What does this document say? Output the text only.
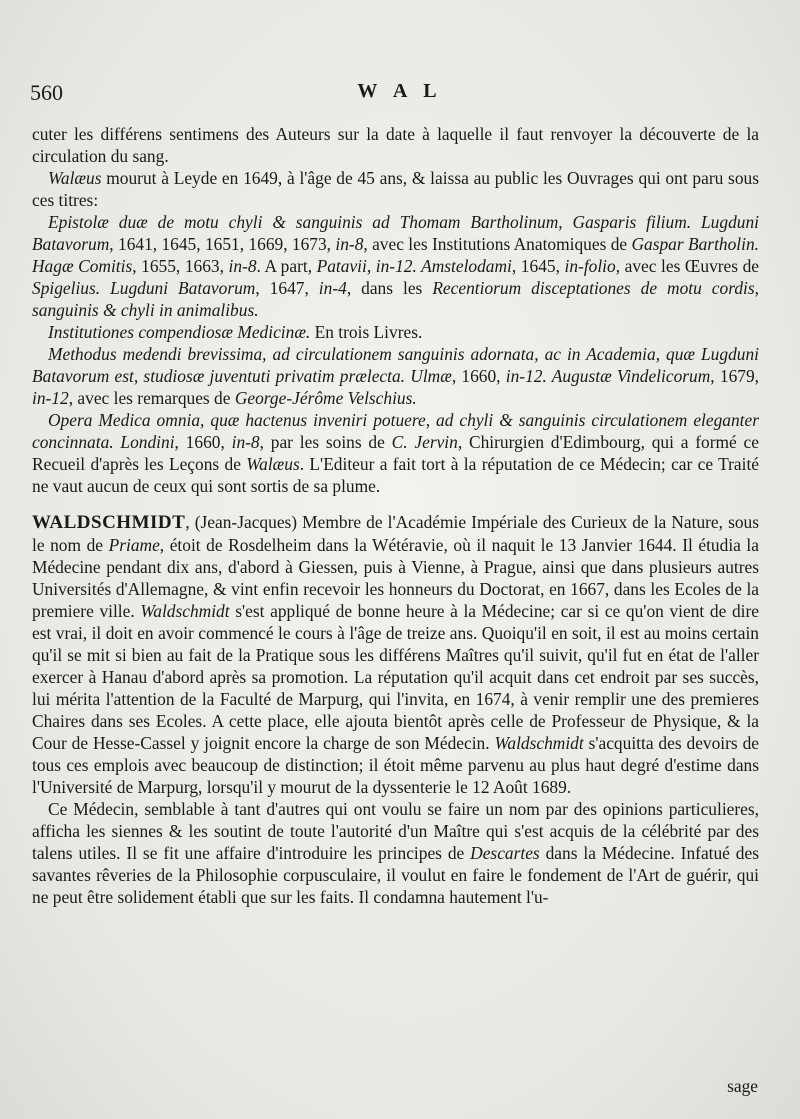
560	W A L

cuter les différens sentimens des Auteurs sur la date à laquelle il faut renvoyer la découverte de la circulation du sang.

Walæus mourut à Leyde en 1649, à l'âge de 45 ans, & laissa au public les Ouvrages qui ont paru sous ces titres:

Epistolæ duæ de motu chyli & sanguinis ad Thomam Bartholinum, Gasparis filium. Lugduni Batavorum, 1641, 1645, 1651, 1669, 1673, in-8, avec les Institutions Anatomiques de Gaspar Bartholin. Hagæ Comitis, 1655, 1663, in-8. A part, Patavii, in-12. Amstelodami, 1645, in-folio, avec les Œuvres de Spigelius. Lugduni Batavorum, 1647, in-4, dans les Recentiorum disceptationes de motu cordis, sanguinis & chyli in animalibus.

Institutiones compendiosæ Medicinæ. En trois Livres.

Methodus medendi brevissima, ad circulationem sanguinis adornata, ac in Academia, quæ Lugduni Batavorum est, studiosæ juventuti privatim prælecta. Ulmæ, 1660, in-12. Augustæ Vindelicorum, 1679, in-12, avec les remarques de George-Jérôme Velschius.

Opera Medica omnia, quæ hactenus inveniri potuere, ad chyli & sanguinis circulationem eleganter concinnata. Londini, 1660, in-8, par les soins de C. Jervin, Chirurgien d'Edimbourg, qui a formé ce Recueil d'après les Leçons de Walæus. L'Editeur a fait tort à la réputation de ce Médecin; car ce Traité ne vaut aucun de ceux qui sont sortis de sa plume.

WALDSCHMIDT, (Jean-Jacques) Membre de l'Académie Impériale des Curieux de la Nature, sous le nom de Priame, étoit de Rosdelheim dans la Wétéravie, où il naquit le 13 Janvier 1644. Il étudia la Médecine pendant dix ans, d'abord à Giessen, puis à Vienne, à Prague, ainsi que dans plusieurs autres Universités d'Allemagne, & vint enfin recevoir les honneurs du Doctorat, en 1667, dans les Ecoles de la premiere ville. Waldschmidt s'est appliqué de bonne heure à la Médecine; car si ce qu'on vient de dire est vrai, il doit en avoir commencé le cours à l'âge de treize ans. Quoiqu'il en soit, il est au moins certain qu'il se mit si bien au fait de la Pratique sous les différens Maîtres qu'il suivit, qu'il fut en état de l'aller exercer à Hanau d'abord après sa promotion. La réputation qu'il acquit dans cet endroit par ses succès, lui mérita l'attention de la Faculté de Marpurg, qui l'invita, en 1674, à venir remplir une des premieres Chaires dans ses Ecoles. A cette place, elle ajouta bientôt après celle de Professeur de Physique, & la Cour de Hesse-Cassel y joignit encore la charge de son Médecin. Waldschmidt s'acquitta des devoirs de tous ces emplois avec beaucoup de distinction; il étoit même parvenu au plus haut degré d'estime dans l'Université de Marpurg, lorsqu'il y mourut de la dyssenterie le 12 Août 1689.

Ce Médecin, semblable à tant d'autres qui ont voulu se faire un nom par des opinions particulieres, afficha les siennes & les soutint de toute l'autorité d'un Maître qui s'est acquis de la célébrité par des talens utiles. Il se fit une affaire d'introduire les principes de Descartes dans la Médecine. Infatué des savantes rêveries de la Philosophie corpusculaire, il voulut en faire le fondement de l'Art de guérir, qui ne peut être solidement établi que sur les faits. Il condamna hautement l'u-

sage
